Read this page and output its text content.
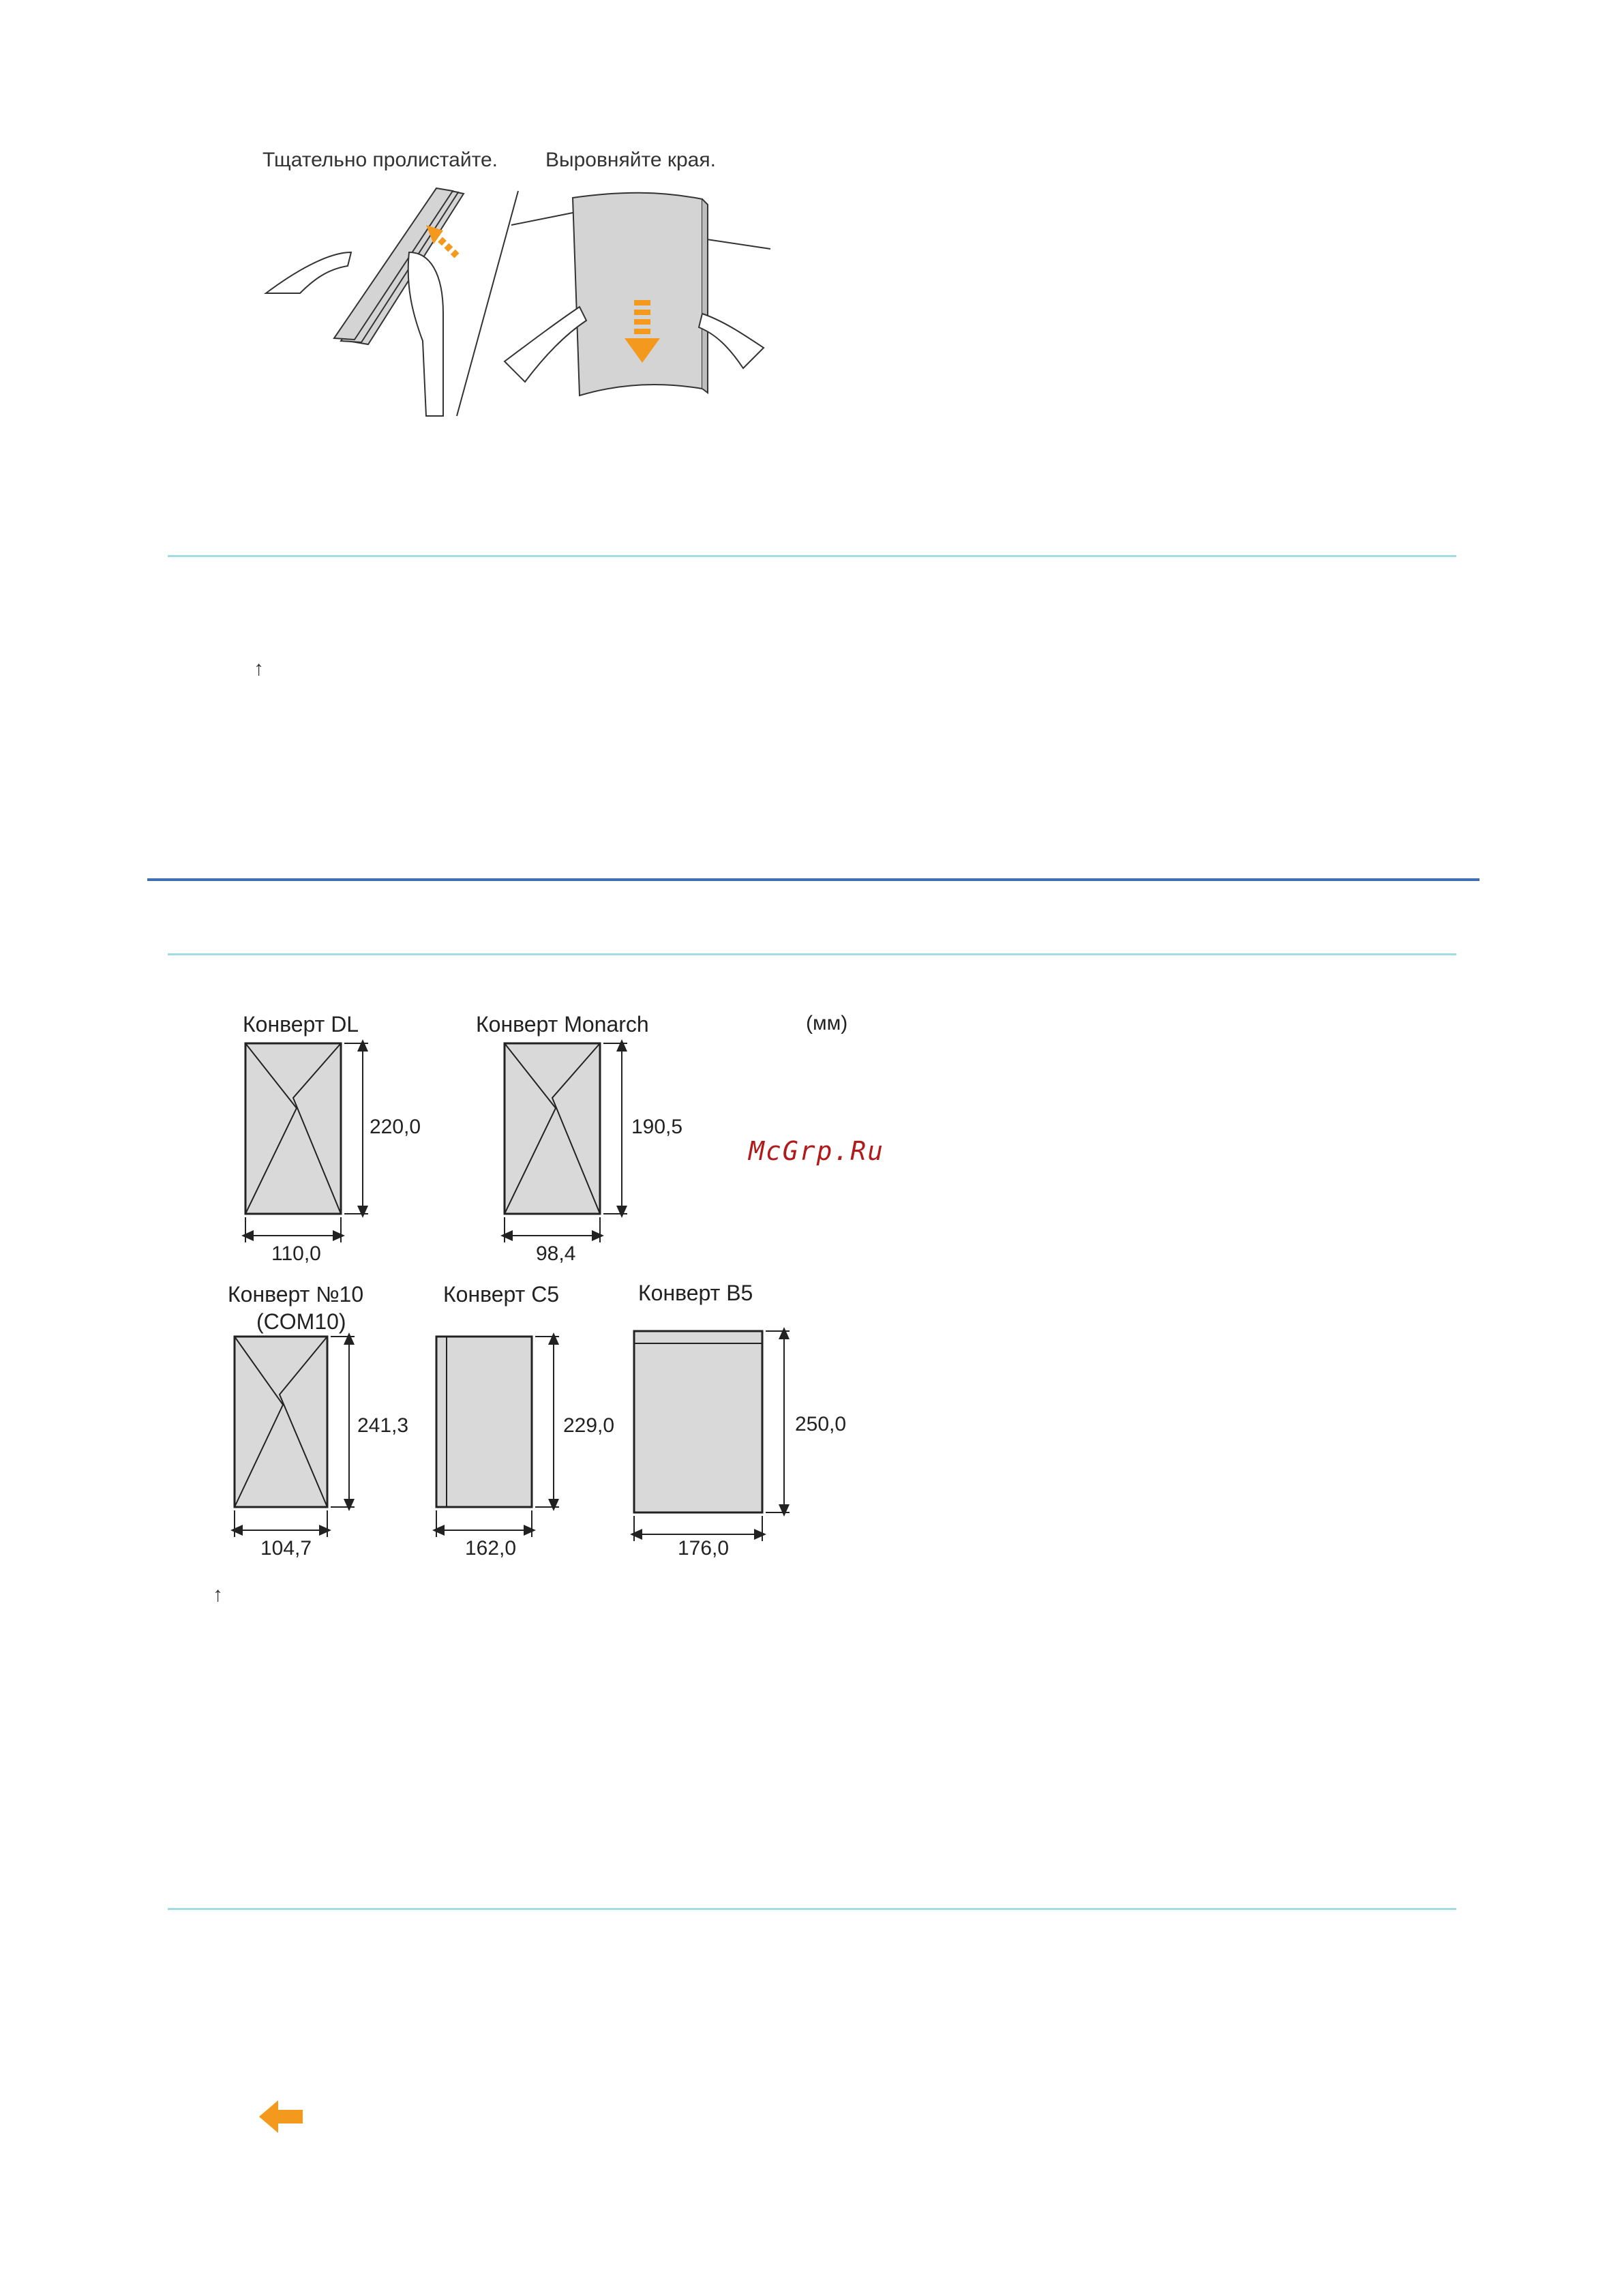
Тщательно пролистайте. Выровняйте края.
↑
Конверт DL	Конверт Monarch	(мм)
Конверт №10
(COM10)
Конверт C5	Конверт B5
220,0
110,0
190,5
98,4
241,3
104,7
229,0
162,0
250,0
176,0
McGrp.Ru
↑
